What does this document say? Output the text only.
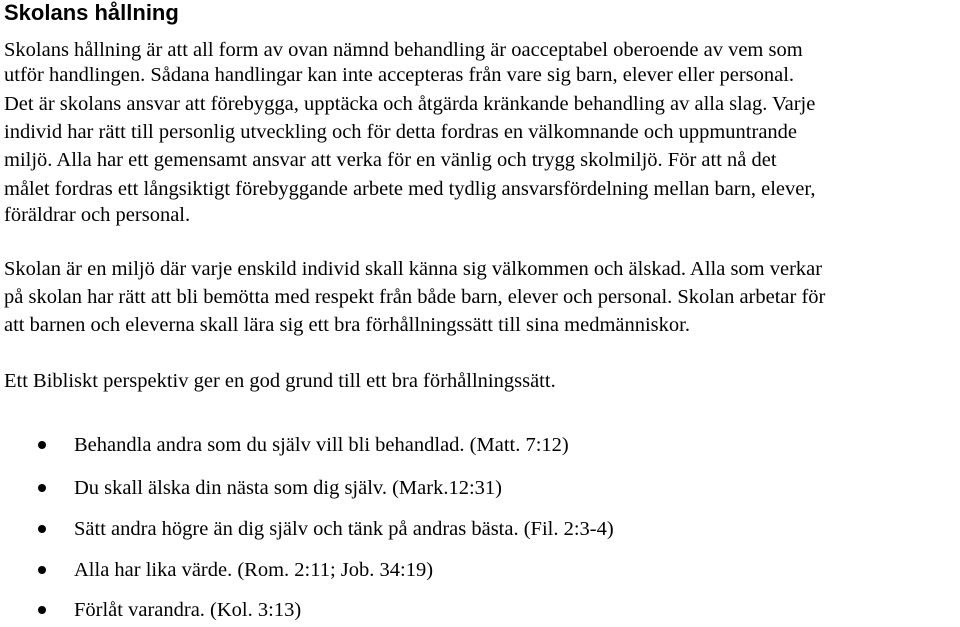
Skolans hållning

Skolans hållning är att all form av ovan nämnd behandling är oacceptabel oberoende av vem som

utför handlingen. Sådana handlingar kan inte accepteras från vare sig barn, elever eller personal.

Det är skolans ansvar att förebygga, upptäcka och åtgärda kränkande behandling av alla slag. Varje

individ har rätt till personlig utveckling och för detta fordras en välkomnande och uppmuntrande

miljö. Alla har ett gemensamt ansvar att verka för en vänlig och trygg skolmiljö. För att nå det

målet fordras ett långsiktigt förebyggande arbete med tydlig ansvarsfördelning mellan barn, elever,

föräldrar och personal.

Skolan är en miljö där varje enskild individ skall känna sig välkommen och älskad. Alla som verkar

på skolan har rätt att bli bemötta med respekt från både barn, elever och personal. Skolan arbetar för

att barnen och eleverna skall lära sig ett bra förhållningssätt till sina medmänniskor.

Ett Bibliskt perspektiv ger en god grund till ett bra förhållningssätt.

Behandla andra som du själv vill bli behandlad. (Matt. 7:12)
Du skall älska din nästa som dig själv. (Mark.12:31)
Sätt andra högre än dig själv och tänk på andras bästa. (Fil. 2:3-4)
Alla har lika värde. (Rom. 2:11; Job. 34:19)
Förlåt varandra. (Kol. 3:13)
